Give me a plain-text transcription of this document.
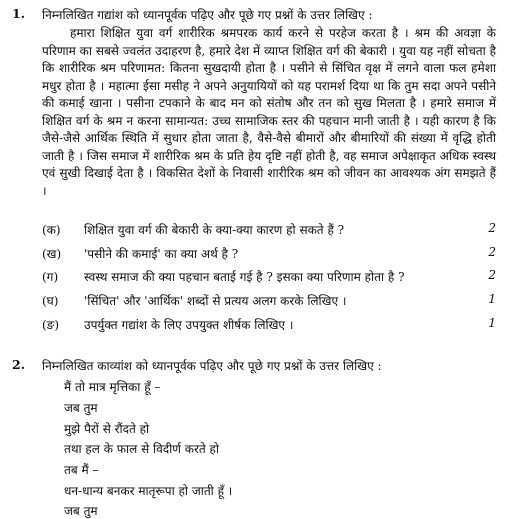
1. निम्नलिखित गद्यांश को ध्यानपूर्वक पढ़िए और पूछे गए प्रश्नों के उत्तर लिखिए :

हमारा शिक्षित युवा वर्ग शारीरिक श्रमपरक कार्य करने से परहेज करता है । श्रम की अवज्ञा के परिणाम का सबसे ज्वलंत उदाहरण है, हमारे देश में व्याप्त शिक्षित वर्ग की बेकारी । युवा यह नहीं सोचता है कि शारीरिक श्रम परिणामत: कितना सुखदायी होता है । पसीने से सिंचित वृक्ष में लगने वाला फल हमेशा मधुर होता है । महात्मा ईसा मसीह ने अपने अनुयायियों को यह परामर्श दिया था कि तुम सदा अपने पसीने की कमाई खाना । पसीना टपकाने के बाद मन को संतोष और तन को सुख मिलता है । हमारे समाज में शिक्षित वर्ग के श्रम न करना सामान्यत: उच्च सामाजिक स्तर की पहचान मानी जाती है । यही कारण है कि जैसे-जैसे आर्थिक स्थिति में सुधार होता जाता है, वैसे-वैसे बीमारों और बीमारियों की संख्या में वृद्धि होती जाती है । जिस समाज में शारीरिक श्रम के प्रति हेय दृष्टि नहीं होती है, वह समाज अपेक्षाकृत अधिक स्वस्थ एवं सुखी दिखाई देता है । विकसित देशों के निवासी शारीरिक श्रम को जीवन का आवश्यक अंग समझते हैं ।

(क) शिक्षित युवा वर्ग की बेकारी के क्या-क्या कारण हो सकते हैं ?	2
(ख) 'पसीने की कमाई' का क्या अर्थ है ?	2
(ग) स्वस्थ समाज की क्या पहचान बताई गई है ? इसका क्या परिणाम होता है ?	2
(घ) 'सिंचित' और 'आर्थिक' शब्दों से प्रत्यय अलग करके लिखिए ।	1
(ङ) उपर्युक्त गद्यांश के लिए उपयुक्त शीर्षक लिखिए ।	1
2. निम्नलिखित काव्यांश को ध्यानपूर्वक पढ़िए और पूछे गए प्रश्नों के उत्तर लिखिए :
मैं तो मात्र मृत्तिका हूँ –
जब तुम
मुझे पैरों से रौंदते हो
तथा हल के फाल से विदीर्ण करते हो
तब मैं –
धन-धान्य बनकर मातृरूपा हो जाती हूँ ।
जब तुम
